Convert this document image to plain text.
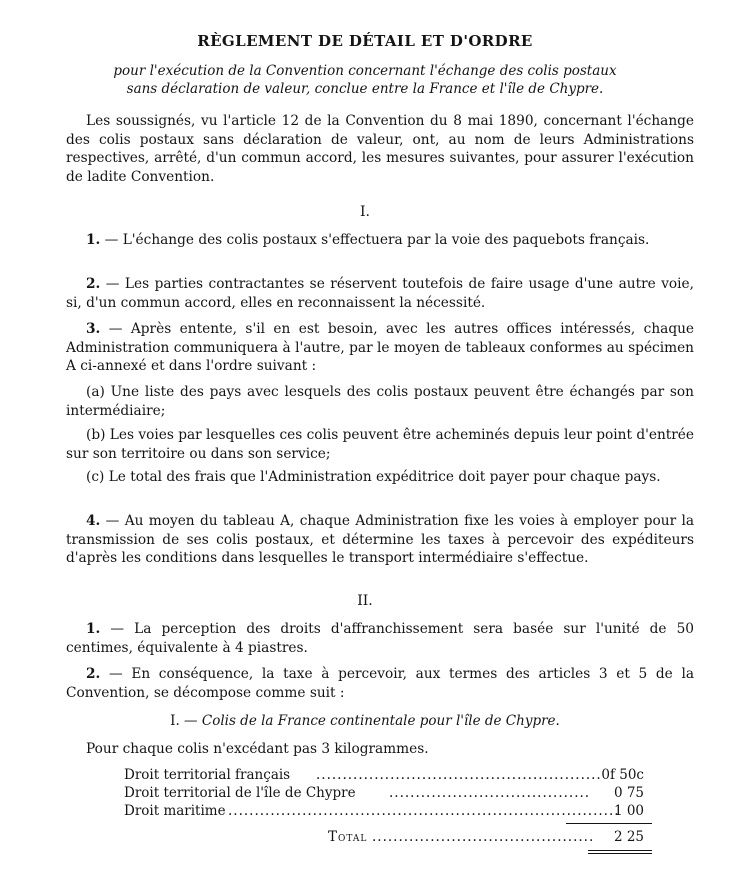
RÈGLEMENT DE DÉTAIL ET D'ORDRE
pour l'exécution de la Convention concernant l'échange des colis postaux
sans déclaration de valeur, conclue entre la France et l'île de Chypre.
Les soussignés, vu l'article 12 de la Convention du 8 mai 1890, concernant l'échange des colis postaux sans déclaration de valeur, ont, au nom de leurs Administrations respectives, arrêté, d'un commun accord, les mesures suivantes, pour assurer l'exécution de ladite Convention.
I.
1. — L'échange des colis postaux s'effectuera par la voie des paquebots français.
2. — Les parties contractantes se réservent toutefois de faire usage d'une autre voie, si, d'un commun accord, elles en reconnaissent la nécessité.
3. — Après entente, s'il en est besoin, avec les autres offices intéressés, chaque Administration communiquera à l'autre, par le moyen de tableaux conformes au spécimen A ci-annexé et dans l'ordre suivant :
(a) Une liste des pays avec lesquels des colis postaux peuvent être échangés par son intermédiaire;
(b) Les voies par lesquelles ces colis peuvent être acheminés depuis leur point d'entrée sur son territoire ou dans son service;
(c) Le total des frais que l'Administration expéditrice doit payer pour chaque pays.
4. — Au moyen du tableau A, chaque Administration fixe les voies à employer pour la transmission de ses colis postaux, et détermine les taxes à percevoir des expéditeurs d'après les conditions dans lesquelles le transport intermédiaire s'effectue.
II.
1. — La perception des droits d'affranchissement sera basée sur l'unité de 50 centimes, équivalente à 4 piastres.
2. — En conséquence, la taxe à percevoir, aux termes des articles 3 et 5 de la Convention, se décompose comme suit :
I. — Colis de la France continentale pour l'île de Chypre.
Pour chaque colis n'excédant pas 3 kilogrammes.
Droit territorial français ...................................................... 0f 50c
Droit territorial de l'île de Chypre ......................................	0 75
Droit maritime ..........................................................................
1 00
Total ..........................................	2 25
